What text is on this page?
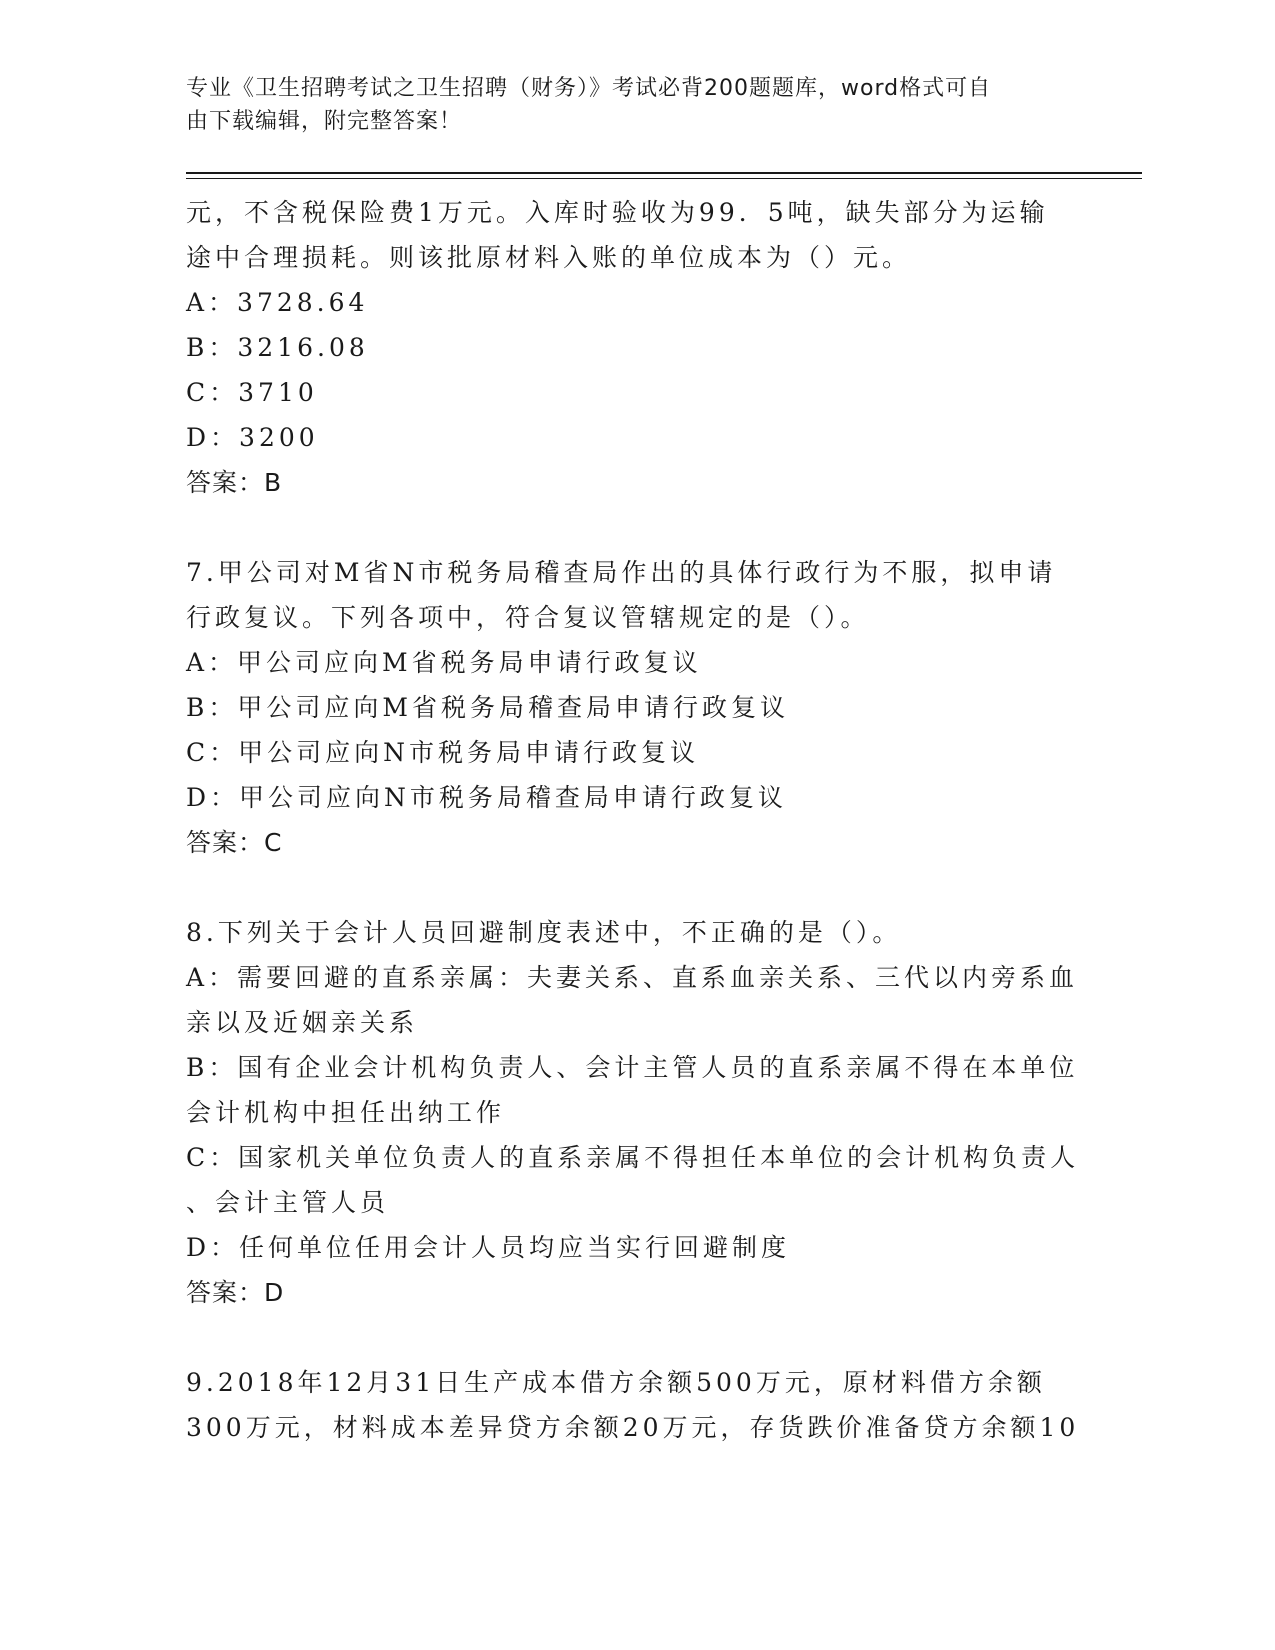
专业《卫生招聘考试之卫生招聘（财务）》考试必背200题题库，word格式可自
由下载编辑，附完整答案！
元，不含税保险费1万元。入库时验收为99．5吨，缺失部分为运输
途中合理损耗。则该批原材料入账的单位成本为（）元。
A：3728.64
B：3216.08
C：3710
D：3200
答案：B
7.甲公司对M省N市税务局稽查局作出的具体行政行为不服，拟申请
行政复议。下列各项中，符合复议管辖规定的是（）。
A：甲公司应向M省税务局申请行政复议
B：甲公司应向M省税务局稽查局申请行政复议
C：甲公司应向N市税务局申请行政复议
D：甲公司应向N市税务局稽查局申请行政复议
答案：C
8.下列关于会计人员回避制度表述中，不正确的是（）。
A：需要回避的直系亲属：夫妻关系、直系血亲关系、三代以内旁系血
亲以及近姻亲关系
B：国有企业会计机构负责人、会计主管人员的直系亲属不得在本单位
会计机构中担任出纳工作
C：国家机关单位负责人的直系亲属不得担任本单位的会计机构负责人
、会计主管人员
D：任何单位任用会计人员均应当实行回避制度
答案：D
9.2018年12月31日生产成本借方余额500万元，原材料借方余额
300万元，材料成本差异贷方余额20万元，存货跌价准备贷方余额10
